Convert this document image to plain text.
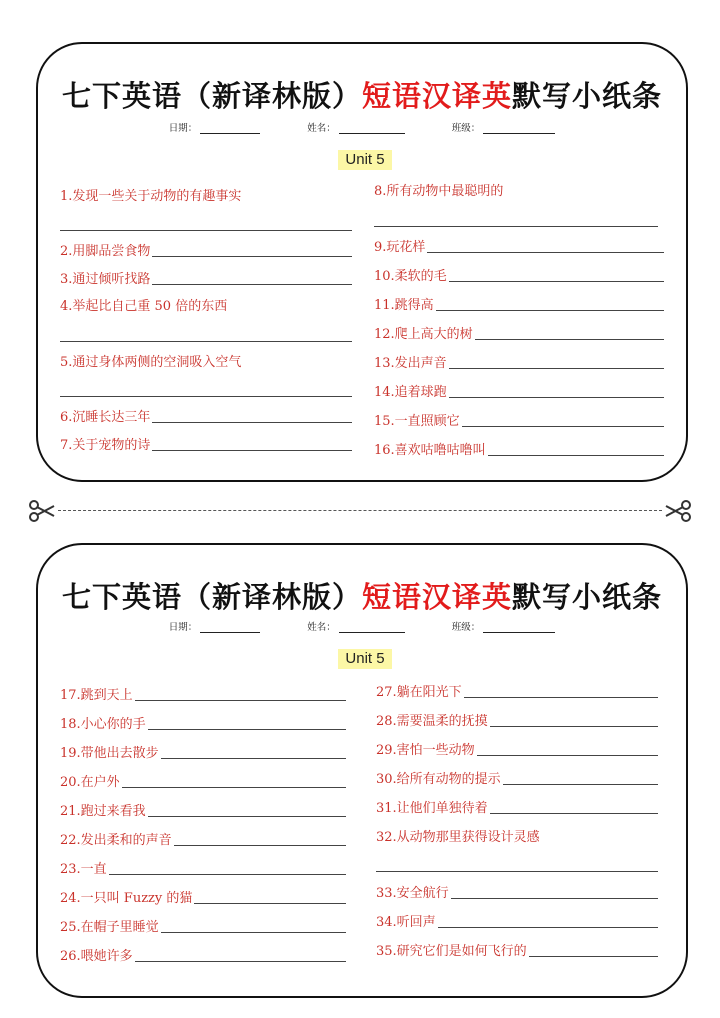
七下英语（新译林版）短语汉译英默写小纸条
日期：	姓名：	班级：
Unit 5
1.发现一些关于动物的有趣事实
2.用脚品尝食物
3.通过倾听找路
4.举起比自己重 50 倍的东西
5.通过身体两侧的空洞吸入空气
6.沉睡长达三年
7.关于宠物的诗
8.所有动物中最聪明的
9.玩花样
10.柔软的毛
11.跳得高
12.爬上高大的树
13.发出声音
14.追着球跑
15.一直照顾它
16.喜欢咕噜咕噜叫
七下英语（新译林版）短语汉译英默写小纸条
日期：	姓名：	班级：
Unit 5
17.跳到天上
18.小心你的手
19.带他出去散步
20.在户外
21.跑过来看我
22.发出柔和的声音
23.一直
24.一只叫 Fuzzy 的猫
25.在帽子里睡觉
26.喂她许多
27.躺在阳光下
28.需要温柔的抚摸
29.害怕一些动物
30.给所有动物的提示
31.让他们单独待着
32.从动物那里获得设计灵感
33.安全航行
34.听回声
35.研究它们是如何飞行的
